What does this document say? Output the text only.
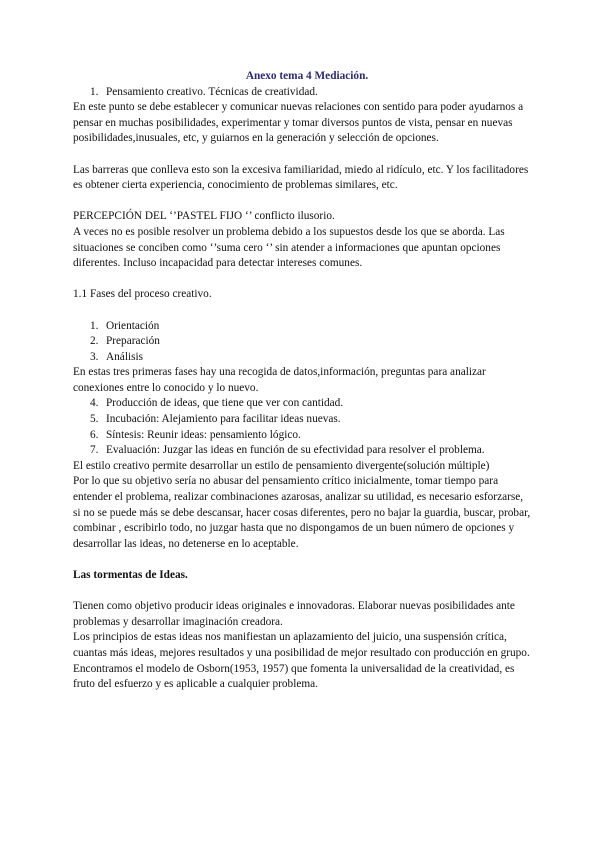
Anexo tema 4 Mediación.

1. Pensamiento creativo. Técnicas de creatividad.

En este punto se debe establecer y comunicar nuevas relaciones con sentido para poder ayudarnos a pensar en muchas posibilidades, experimentar y tomar diversos puntos de vista, pensar en nuevas posibilidades,inusuales, etc, y guiarnos en la generación y selección de opciones.

Las barreras que conlleva esto son la excesiva familiaridad, miedo al ridículo, etc. Y los facilitadores es obtener cierta experiencia, conocimiento de problemas similares, etc.

PERCEPCIÓN DEL ‘’PASTEL FIJO ‘’ conflicto ilusorio.

A veces no es posible resolver un problema debido a los supuestos desde los que se aborda. Las situaciones se conciben como ‘’suma cero ‘’ sin atender a informaciones que apuntan opciones diferentes. Incluso incapacidad para detectar intereses comunes.

1.1 Fases del proceso creativo.

1. Orientación
2. Preparación
3. Análisis

En estas tres primeras fases hay una recogida de datos,información, preguntas para analizar conexiones entre lo conocido y lo nuevo.

4. Producción de ideas, que tiene que ver con cantidad.
5. Incubación: Alejamiento para facilitar ideas nuevas.
6. Síntesis: Reunir ideas: pensamiento lógico.
7. Evaluación: Juzgar las ideas en función de su efectividad para resolver el problema.

El estilo creativo permite desarrollar un estilo de pensamiento divergente(solución múltiple)

Por lo que su objetivo sería no abusar del pensamiento crítico inicialmente, tomar tiempo para entender el problema, realizar combinaciones azarosas, analizar su utilidad, es necesario esforzarse, si no se puede más se debe descansar, hacer cosas diferentes, pero no bajar la guardia, buscar, probar, combinar , escribirlo todo, no juzgar hasta que no dispongamos de un buen número de opciones y desarrollar las ideas, no detenerse en lo aceptable.

Las tormentas de Ideas.

Tienen como objetivo producir ideas originales e innovadoras. Elaborar nuevas posibilidades ante problemas y desarrollar imaginación creadora.

Los principios de estas ideas nos manifiestan un aplazamiento del juicio, una suspensión crítica, cuantas más ideas, mejores resultados y una posibilidad de mejor resultado con producción en grupo.

Encontramos el modelo de Osborn(1953, 1957) que fomenta la universalidad de la creatividad, es fruto del esfuerzo y es aplicable a cualquier problema.
